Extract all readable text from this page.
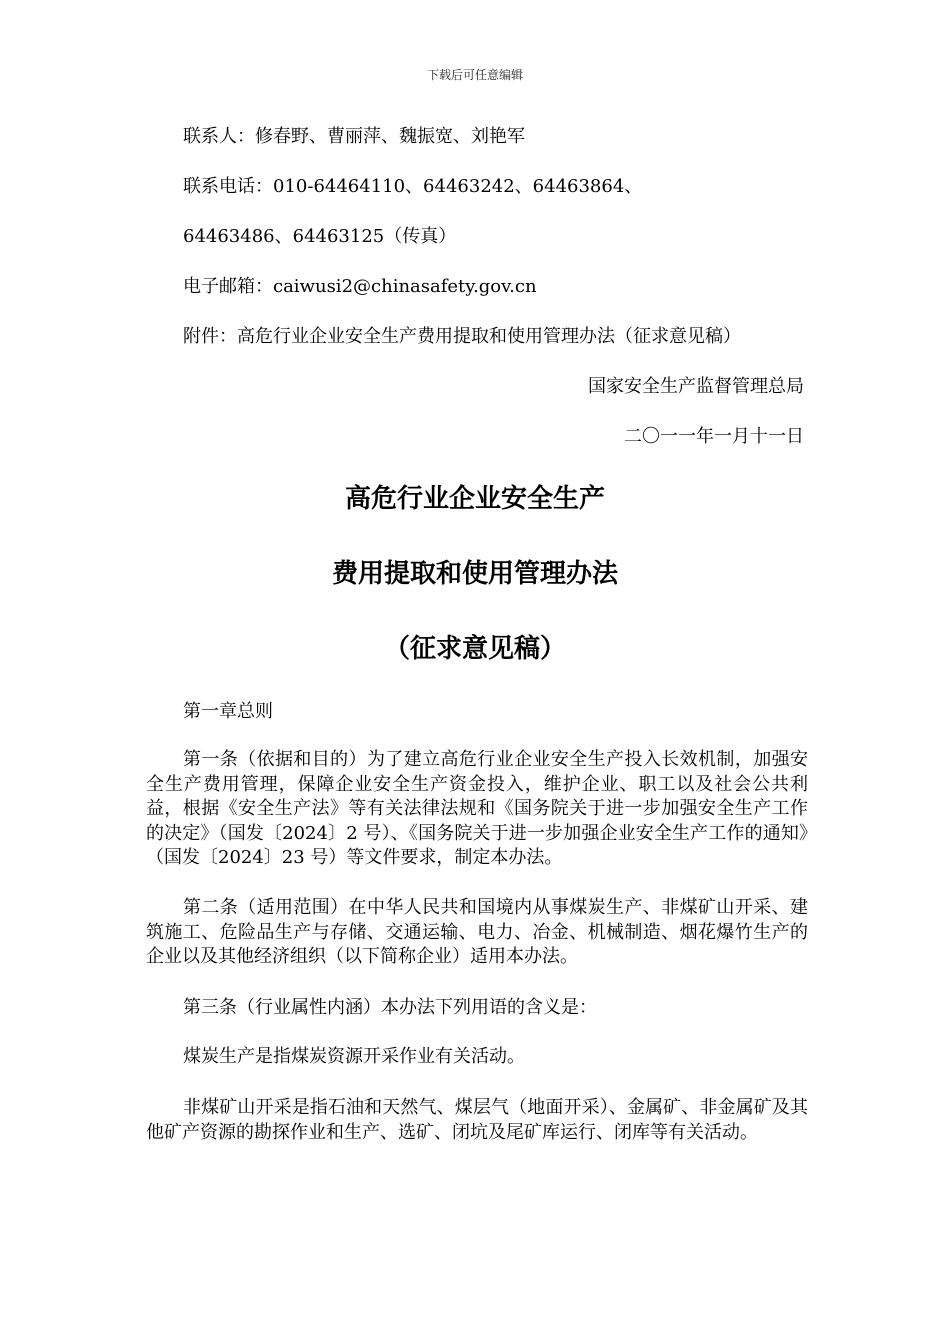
下载后可任意编辑
联系人：修春野、曹丽萍、魏振宽、刘艳军
联系电话：010-64464110、64463242、64463864、
64463486、64463125（传真）
电子邮箱：caiwusi2@chinasafety.gov.cn
附件：高危行业企业安全生产费用提取和使用管理办法（征求意见稿）
国家安全生产监督管理总局
二〇一一年一月十一日
高危行业企业安全生产
费用提取和使用管理办法
（征求意见稿）
第一章总则
第一条（依据和目的）为了建立高危行业企业安全生产投入长效机制，加强安全生产费用管理，保障企业安全生产资金投入，维护企业、职工以及社会公共利益，根据《安全生产法》等有关法律法规和《国务院关于进一步加强安全生产工作的决定》（国发〔2024〕2 号）、《国务院关于进一步加强企业安全生产工作的通知》（国发〔2024〕23 号）等文件要求，制定本办法。
第二条（适用范围）在中华人民共和国境内从事煤炭生产、非煤矿山开采、建筑施工、危险品生产与存储、交通运输、电力、冶金、机械制造、烟花爆竹生产的企业以及其他经济组织（以下简称企业）适用本办法。
第三条（行业属性内涵）本办法下列用语的含义是：
煤炭生产是指煤炭资源开采作业有关活动。
非煤矿山开采是指石油和天然气、煤层气（地面开采）、金属矿、非金属矿及其他矿产资源的勘探作业和生产、选矿、闭坑及尾矿库运行、闭库等有关活动。
